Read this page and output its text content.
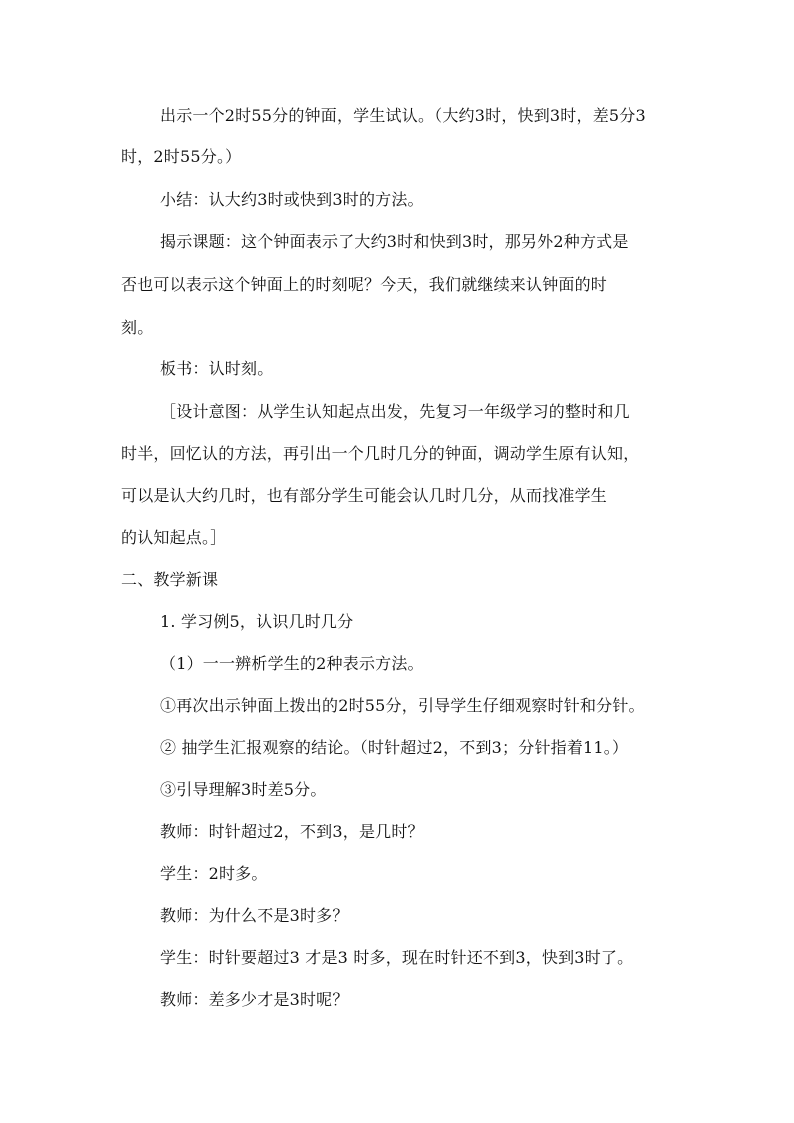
出示一个2时55分的钟面，学生试认。（大约3时，快到3时，差5分3
时，2时55分。）
小结：认大约3时或快到3时的方法。
揭示课题：这个钟面表示了大约3时和快到3时，那另外2种方式是
否也可以表示这个钟面上的时刻呢？今天，我们就继续来认钟面的时
刻。
板书：认时刻。
［设计意图：从学生认知起点出发，先复习一年级学习的整时和几
时半，回忆认的方法，再引出一个几时几分的钟面，调动学生原有认知，
可以是认大约几时，也有部分学生可能会认几时几分，从而找准学生
的认知起点。］
二、教学新课
1. 学习例5，认识几时几分
（1）一一辨析学生的2种表示方法。
①再次出示钟面上拨出的2时55分，引导学生仔细观察时针和分针。
② 抽学生汇报观察的结论。（时针超过2，不到3；分针指着11。）
③引导理解3时差5分。
教师：时针超过2，不到3，是几时？
学生：2时多。
教师：为什么不是3时多？
学生：时针要超过3 才是3 时多，现在时针还不到3，快到3时了。
教师：差多少才是3时呢？
